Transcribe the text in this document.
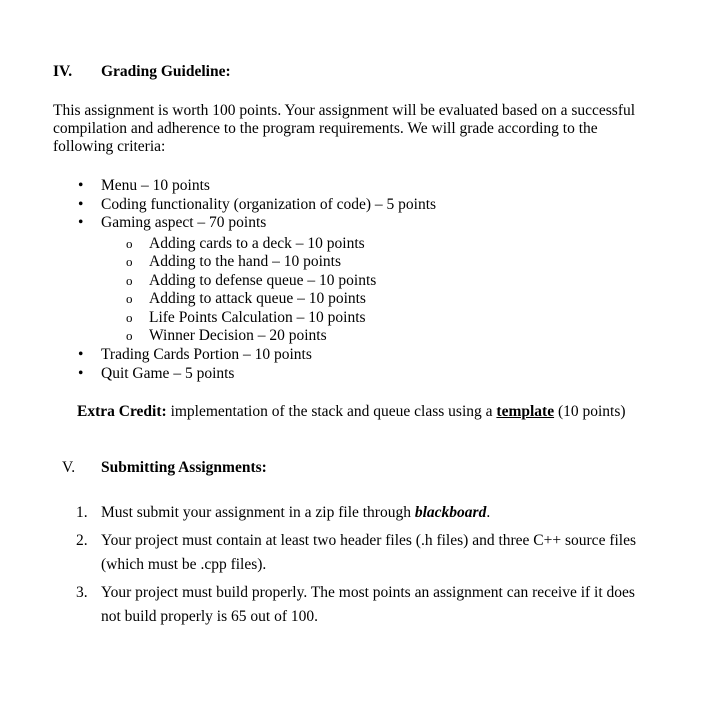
IV. Grading Guideline:
This assignment is worth 100 points. Your assignment will be evaluated based on a successful
compilation and adherence to the program requirements. We will grade according to the
following criteria:
• Menu – 10 points
• Coding functionality (organization of code) – 5 points
• Gaming aspect – 70 points
o Adding cards to a deck – 10 points
o Adding to the hand – 10 points
o Adding to defense queue – 10 points
o Adding to attack queue – 10 points
o Life Points Calculation – 10 points
o Winner Decision – 20 points
• Trading Cards Portion – 10 points
• Quit Game – 5 points
Extra Credit: implementation of the stack and queue class using a template (10 points)
V. Submitting Assignments:
1. Must submit your assignment in a zip file through blackboard.
2. Your project must contain at least two header files (.h files) and three C++ source files
(which must be .cpp files).
3. Your project must build properly. The most points an assignment can receive if it does
not build properly is 65 out of 100.
